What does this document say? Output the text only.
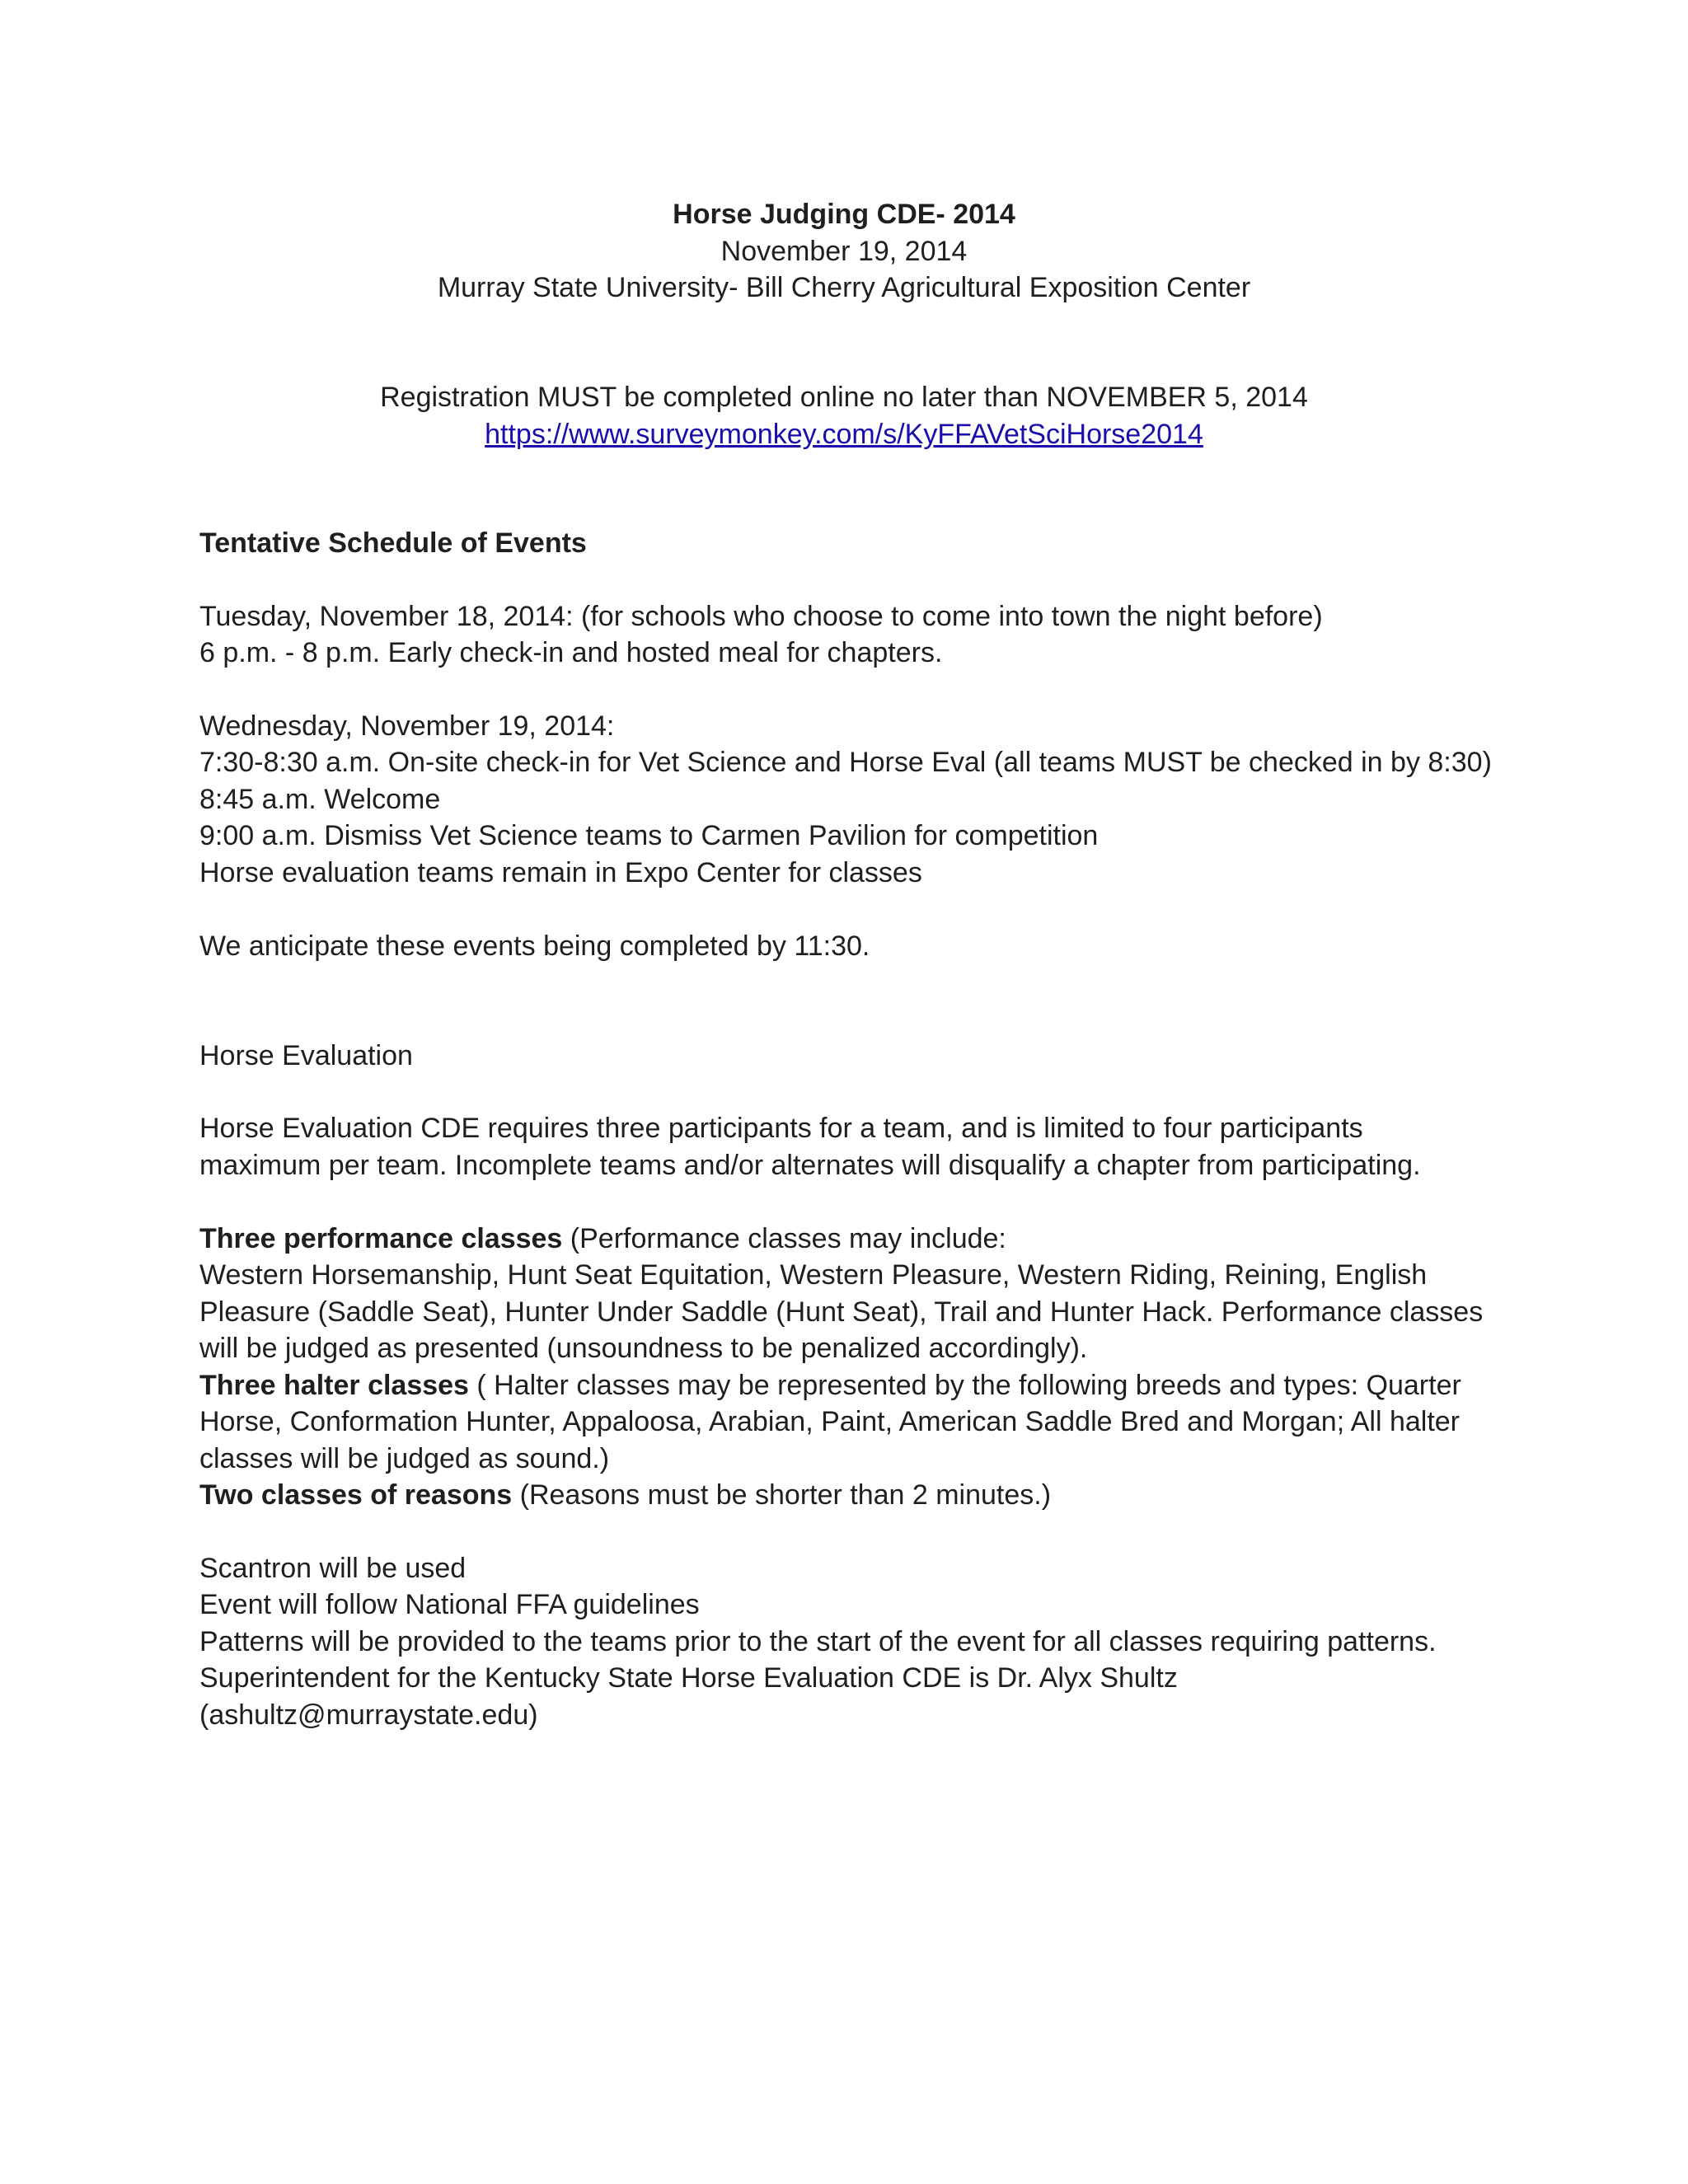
Horse Judging CDE- 2014

November 19, 2014

Murray State University- Bill Cherry Agricultural Exposition Center

Registration MUST be completed online no later than NOVEMBER 5, 2014

https://www.surveymonkey.com/s/KyFFAVetSciHorse2014

Tentative Schedule of Events

Tuesday, November 18, 2014: (for schools who choose to come into town the night before)

6 p.m. - 8 p.m. Early check-in and hosted meal for chapters.

Wednesday, November 19, 2014:

7:30-8:30 a.m. On-site check-in for Vet Science and Horse Eval (all teams MUST be checked in by 8:30)

8:45 a.m. Welcome

9:00 a.m. Dismiss Vet Science teams to Carmen Pavilion for competition

Horse evaluation teams remain in Expo Center for classes

We anticipate these events being completed by 11:30.

Horse Evaluation

Horse Evaluation CDE requires three participants for a team, and is limited to four participants

maximum per team. Incomplete teams and/or alternates will disqualify a chapter from participating.

Three performance classes (Performance classes may include:

Western Horsemanship, Hunt Seat Equitation, Western Pleasure, Western Riding, Reining, English

Pleasure (Saddle Seat), Hunter Under Saddle (Hunt Seat), Trail and Hunter Hack. Performance classes

will be judged as presented (unsoundness to be penalized accordingly).

Three halter classes ( Halter classes may be represented by the following breeds and types: Quarter

Horse, Conformation Hunter, Appaloosa, Arabian, Paint, American Saddle Bred and Morgan; All halter

classes will be judged as sound.)

Two classes of reasons (Reasons must be shorter than 2 minutes.)

Scantron will be used

Event will follow National FFA guidelines

Patterns will be provided to the teams prior to the start of the event for all classes requiring patterns.

Superintendent for the Kentucky State Horse Evaluation CDE is Dr. Alyx Shultz

(ashultz@murraystate.edu)
